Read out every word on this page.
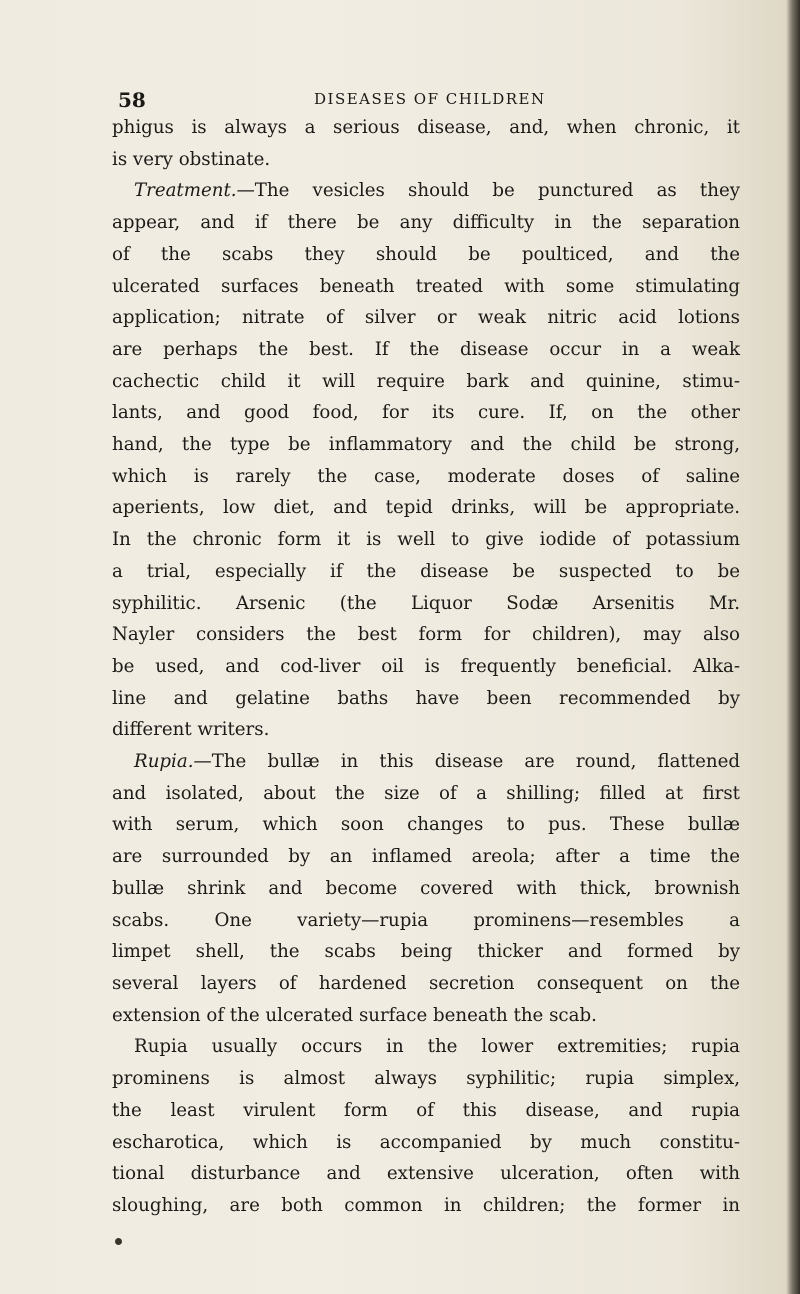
58	DISEASES OF CHILDREN
phigus is always a serious disease, and, when chronic, it
is very obstinate.
Treatment.—The vesicles should be punctured as they
appear, and if there be any difficulty in the separation
of the scabs they should be poulticed, and the
ulcerated surfaces beneath treated with some stimulating
application; nitrate of silver or weak nitric acid lotions
are perhaps the best. If the disease occur in a weak
cachectic child it will require bark and quinine, stimu-
lants, and good food, for its cure. If, on the other
hand, the type be inflammatory and the child be strong,
which is rarely the case, moderate doses of saline
aperients, low diet, and tepid drinks, will be appropriate.
In the chronic form it is well to give iodide of potassium
a trial, especially if the disease be suspected to be
syphilitic. Arsenic (the Liquor Sodæ Arsenitis Mr.
Nayler considers the best form for children), may also
be used, and cod-liver oil is frequently beneficial. Alka-
line and gelatine baths have been recommended by
different writers.
Rupia.—The bullæ in this disease are round, flattened
and isolated, about the size of a shilling; filled at first
with serum, which soon changes to pus. These bullæ
are surrounded by an inflamed areola; after a time the
bullæ shrink and become covered with thick, brownish
scabs. One variety—rupia prominens—resembles a
limpet shell, the scabs being thicker and formed by
several layers of hardened secretion consequent on the
extension of the ulcerated surface beneath the scab.
Rupia usually occurs in the lower extremities; rupia
prominens is almost always syphilitic; rupia simplex,
the least virulent form of this disease, and rupia
escharotica, which is accompanied by much constitu-
tional disturbance and extensive ulceration, often with
sloughing, are both common in children; the former in
